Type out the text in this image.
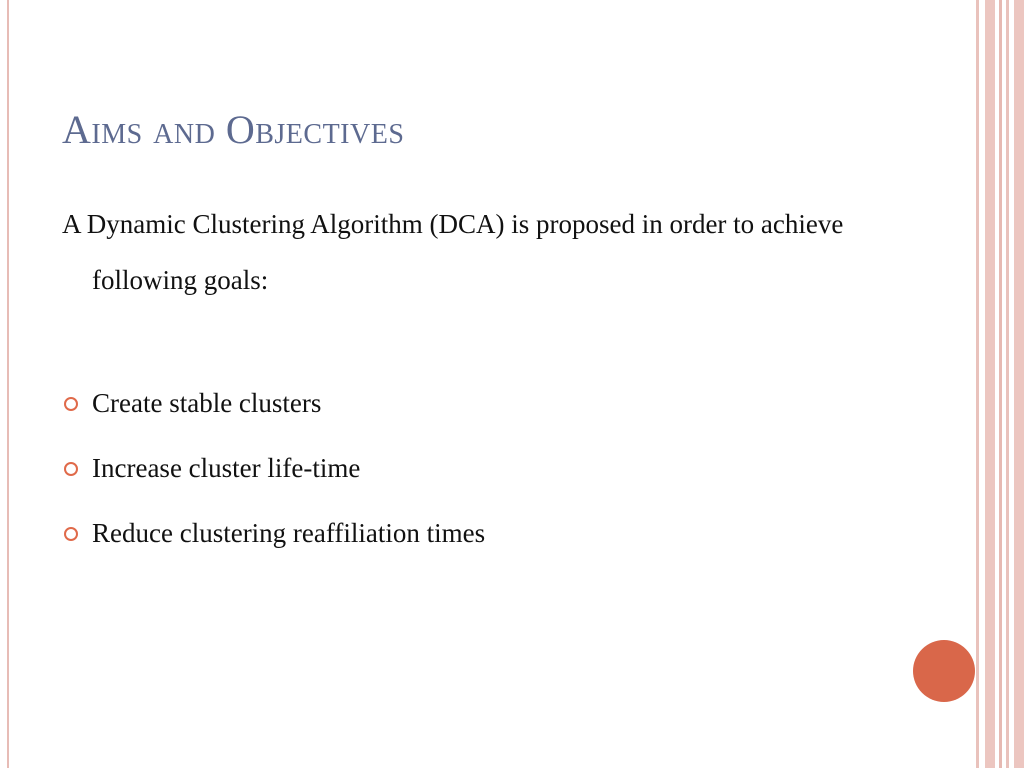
Aims and Objectives
A Dynamic Clustering Algorithm (DCA) is proposed in order to achieve following goals:
Create stable clusters
Increase cluster life-time
Reduce clustering reaffiliation times
